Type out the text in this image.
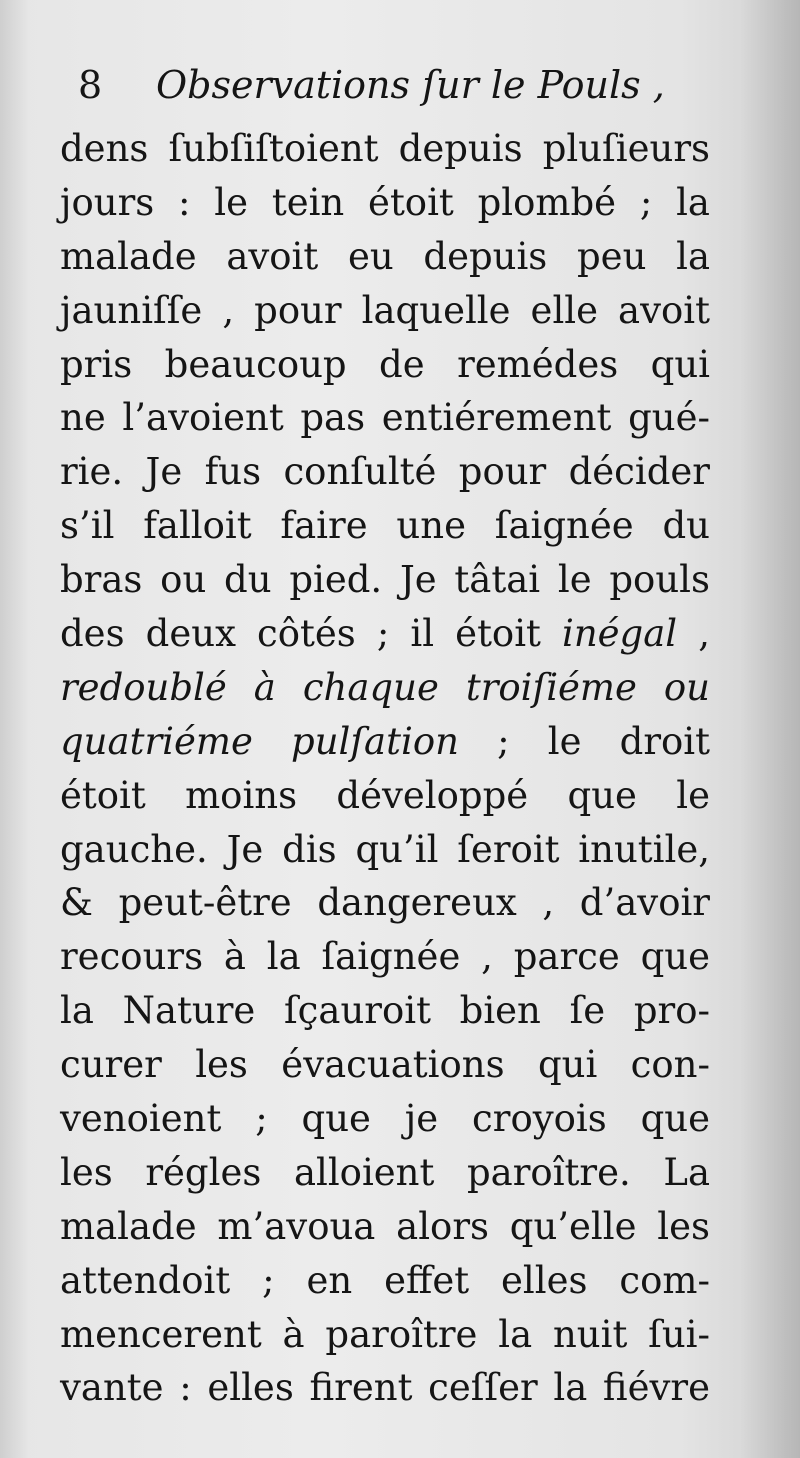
8 Observations ſur le Pouls ,
dens ſubſiſtoient depuis pluſieurs
jours : le tein étoit plombé ; la
malade avoit eu depuis peu la
jauniſſe , pour laquelle elle avoit
pris beaucoup de remédes qui
ne l’avoient pas entiérement gué-
rie. Je fus conſulté pour décider
s’il falloit faire une ſaignée du
bras ou du pied. Je tâtai le pouls
des deux côtés ; il étoit inégal ,
redoublé à chaque troiſiéme ou
quatriéme pulſation ; le droit
étoit moins développé que le
gauche. Je dis qu’il ſeroit inutile,
& peut-être dangereux , d’avoir
recours à la ſaignée , parce que
la Nature ſçauroit bien ſe pro-
curer les évacuations qui con-
venoient ; que je croyois que
les régles alloient paroître. La
malade m’avoua alors qu’elle les
attendoit ; en effet elles com-
mencerent à paroître la nuit ſui-
vante : elles firent ceſſer la fiévre
